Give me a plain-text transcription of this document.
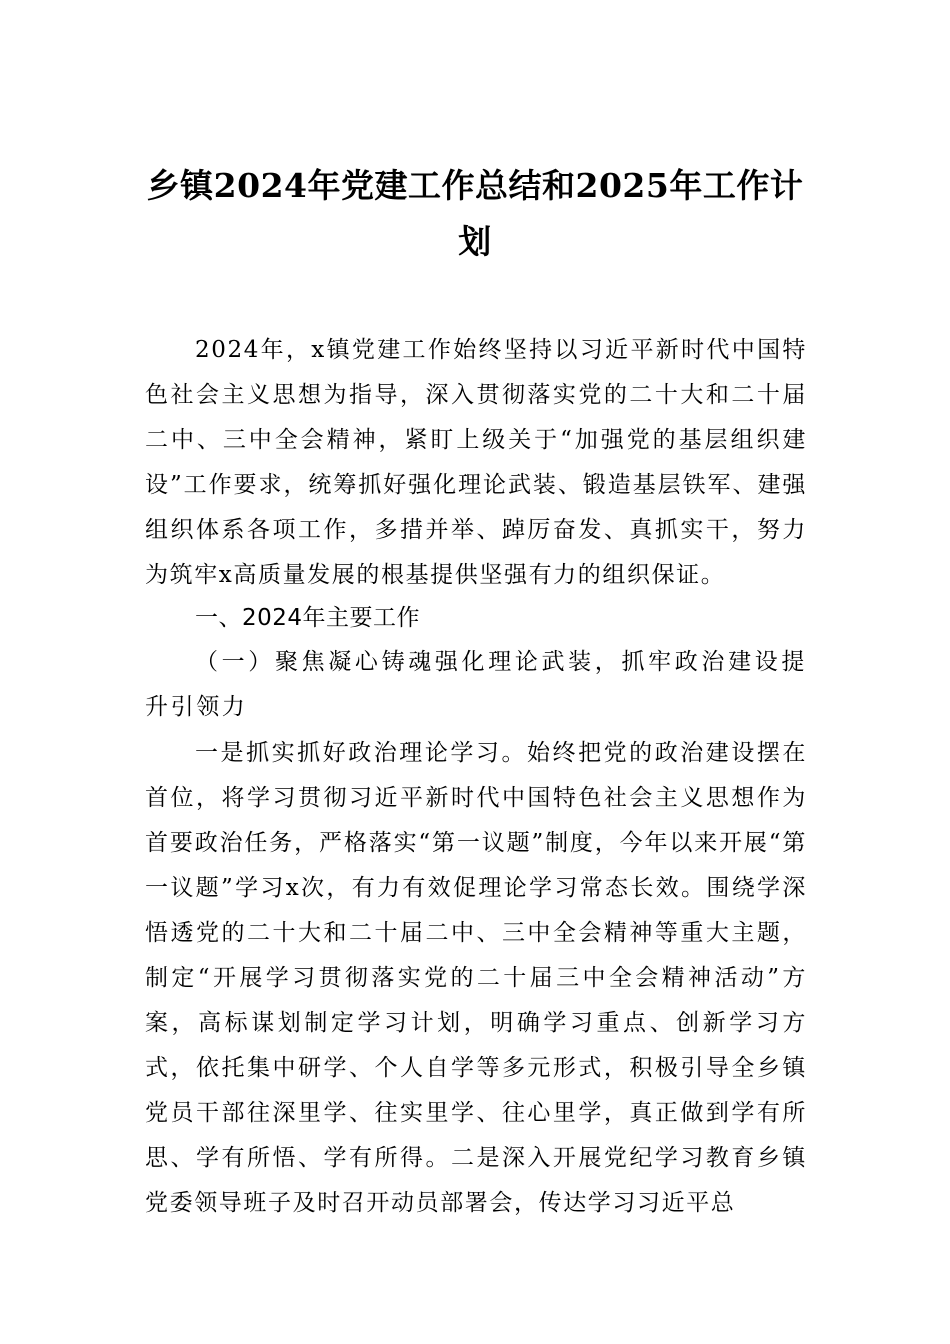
乡镇2024年党建工作总结和2025年工作计划
2024年，x镇党建工作始终坚持以习近平新时代中国特色社会主义思想为指导，深入贯彻落实党的二十大和二十届二中、三中全会精神，紧盯上级关于“加强党的基层组织建设”工作要求，统筹抓好强化理论武装、锻造基层铁军、建强组织体系各项工作，多措并举、踔厉奋发、真抓实干，努力为筑牢x高质量发展的根基提供坚强有力的组织保证。
一、2024年主要工作
（一）聚焦凝心铸魂强化理论武装，抓牢政治建设提升引领力
一是抓实抓好政治理论学习。始终把党的政治建设摆在首位，将学习贯彻习近平新时代中国特色社会主义思想作为首要政治任务，严格落实“第一议题”制度，今年以来开展“第一议题”学习x次，有力有效促理论学习常态长效。围绕学深悟透党的二十大和二十届二中、三中全会精神等重大主题，制定“开展学习贯彻落实党的二十届三中全会精神活动”方案，高标谋划制定学习计划，明确学习重点、创新学习方式，依托集中研学、个人自学等多元形式，积极引导全乡镇党员干部往深里学、往实里学、往心里学，真正做到学有所思、学有所悟、学有所得。二是深入开展党纪学习教育乡镇党委领导班子及时召开动员部署会，传达学习习近平总
